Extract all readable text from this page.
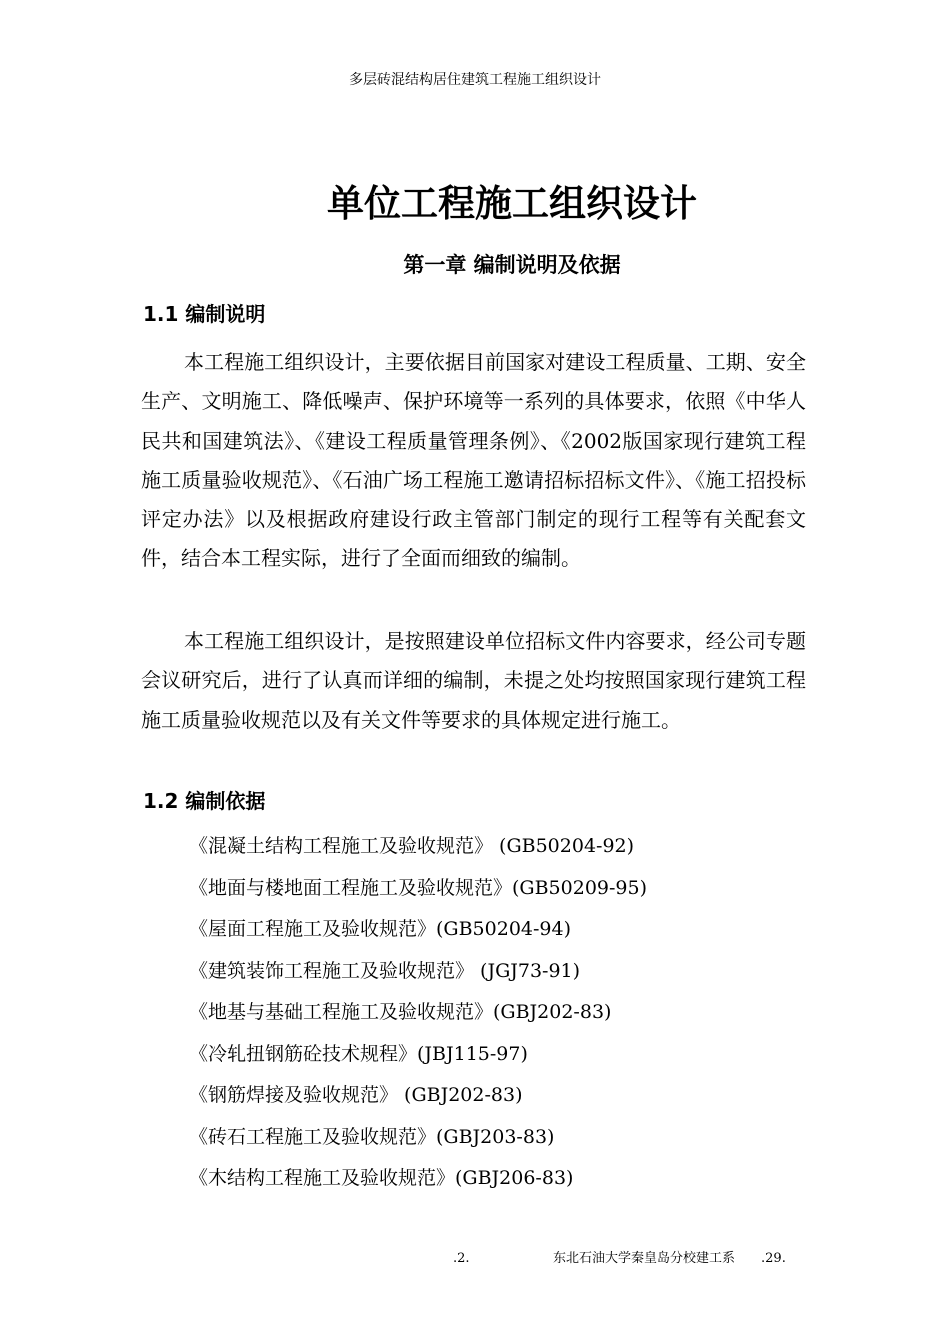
多层砖混结构居住建筑工程施工组织设计
单位工程施工组织设计
第一章 编制说明及依据
1.1 编制说明

本工程施工组织设计，主要依据目前国家对建设工程质量、工期、安全生产、文明施工、降低噪声、保护环境等一系列的具体要求，依照《中华人民共和国建筑法》、《建设工程质量管理条例》、《2002版国家现行建筑工程施工质量验收规范》、《石油广场工程施工邀请招标招标文件》、《施工招投标评定办法》以及根据政府建设行政主管部门制定的现行工程等有关配套文件，结合本工程实际，进行了全面而细致的编制。

本工程施工组织设计，是按照建设单位招标文件内容要求，经公司专题会议研究后，进行了认真而详细的编制，未提之处均按照国家现行建筑工程施工质量验收规范以及有关文件等要求的具体规定进行施工。

1.2 编制依据
《混凝土结构工程施工及验收规范》 (GB50204-92)
《地面与楼地面工程施工及验收规范》(GB50209-95)
《屋面工程施工及验收规范》(GB50204-94)
《建筑装饰工程施工及验收规范》 (JGJ73-91)
《地基与基础工程施工及验收规范》(GBJ202-83)
《冷轧扭钢筋砼技术规程》(JBJ115-97)
《钢筋焊接及验收规范》 (GBJ202-83)
《砖石工程施工及验收规范》(GBJ203-83)
《木结构工程施工及验收规范》(GBJ206-83)
.2.	东北石油大学秦皇岛分校建工系 .29.
